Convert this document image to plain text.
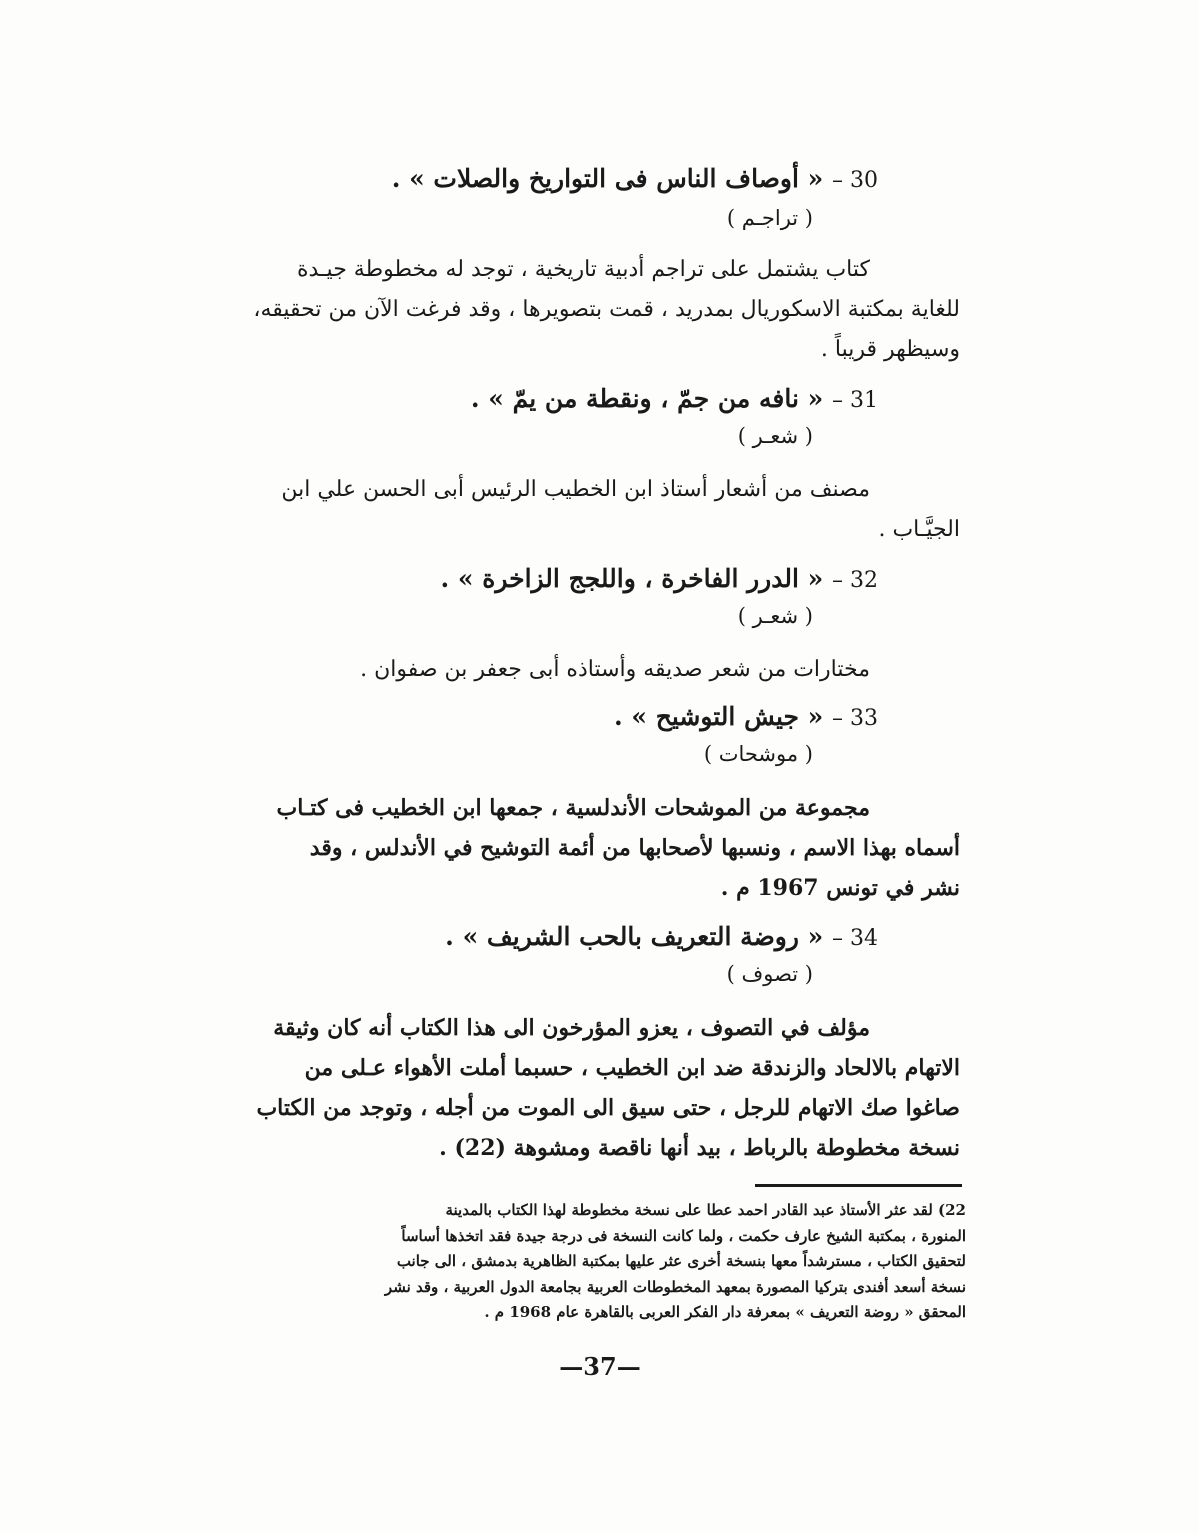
30 – « أوصاف الناس فى التواريخ والصلات » .
( تراجـم )
كتاب يشتمل على تراجم أدبية تاريخية ، توجد له مخطوطة جيـدة
للغاية بمكتبة الاسكوريال بمدريد ، قمت بتصويرها ، وقد فرغت الآن من تحقيقه،
وسيظهر قريباً .
31 – « نافه من جمّ ، ونقطة من يمّ » .
( شعـر )
مصنف من أشعار أستاذ ابن الخطيب الرئيس أبى الحسن علي ابن
الجيَّـاب .
32 – « الدرر الفاخرة ، واللجج الزاخرة » .
( شعـر )
مختارات من شعر صديقه وأستاذه أبى جعفر بن صفوان .
33 – « جيش التوشيح » .
( موشحات )
مجموعة من الموشحات الأندلسية ، جمعها ابن الخطيب فى كتـاب
أسماه بهذا الاسم ، ونسبها لأصحابها من أئمة التوشيح في الأندلس ، وقد
نشر في تونس 1967 م .
34 – « روضة التعريف بالحب الشريف » .
( تصوف )
مؤلف في التصوف ، يعزو المؤرخون الى هذا الكتاب أنه كان وثيقة
الاتهام بالالحاد والزندقة ضد ابن الخطيب ، حسبما أملت الأهواء عـلى من
صاغوا صك الاتهام للرجل ، حتى سيق الى الموت من أجله ، وتوجد من الكتاب
نسخة مخطوطة بالرباط ، بيد أنها ناقصة ومشوهة (22) .
22) لقد عثر الأستاذ عبد القادر احمد عطا على نسخة مخطوطة لهذا الكتاب بالمدينة
المنورة ، بمكتبة الشيخ عارف حكمت ، ولما كانت النسخة فى درجة جيدة فقد اتخذها أساساً
لتحقيق الكتاب ، مسترشداً معها بنسخة أخرى عثر عليها بمكتبة الظاهرية بدمشق ، الى جانب
نسخة أسعد أفندى بتركيا المصورة بمعهد المخطوطات العربية بجامعة الدول العربية ، وقد نشر
المحقق « روضة التعريف » بمعرفة دار الفكر العربى بالقاهرة عام 1968 م .
—37—
